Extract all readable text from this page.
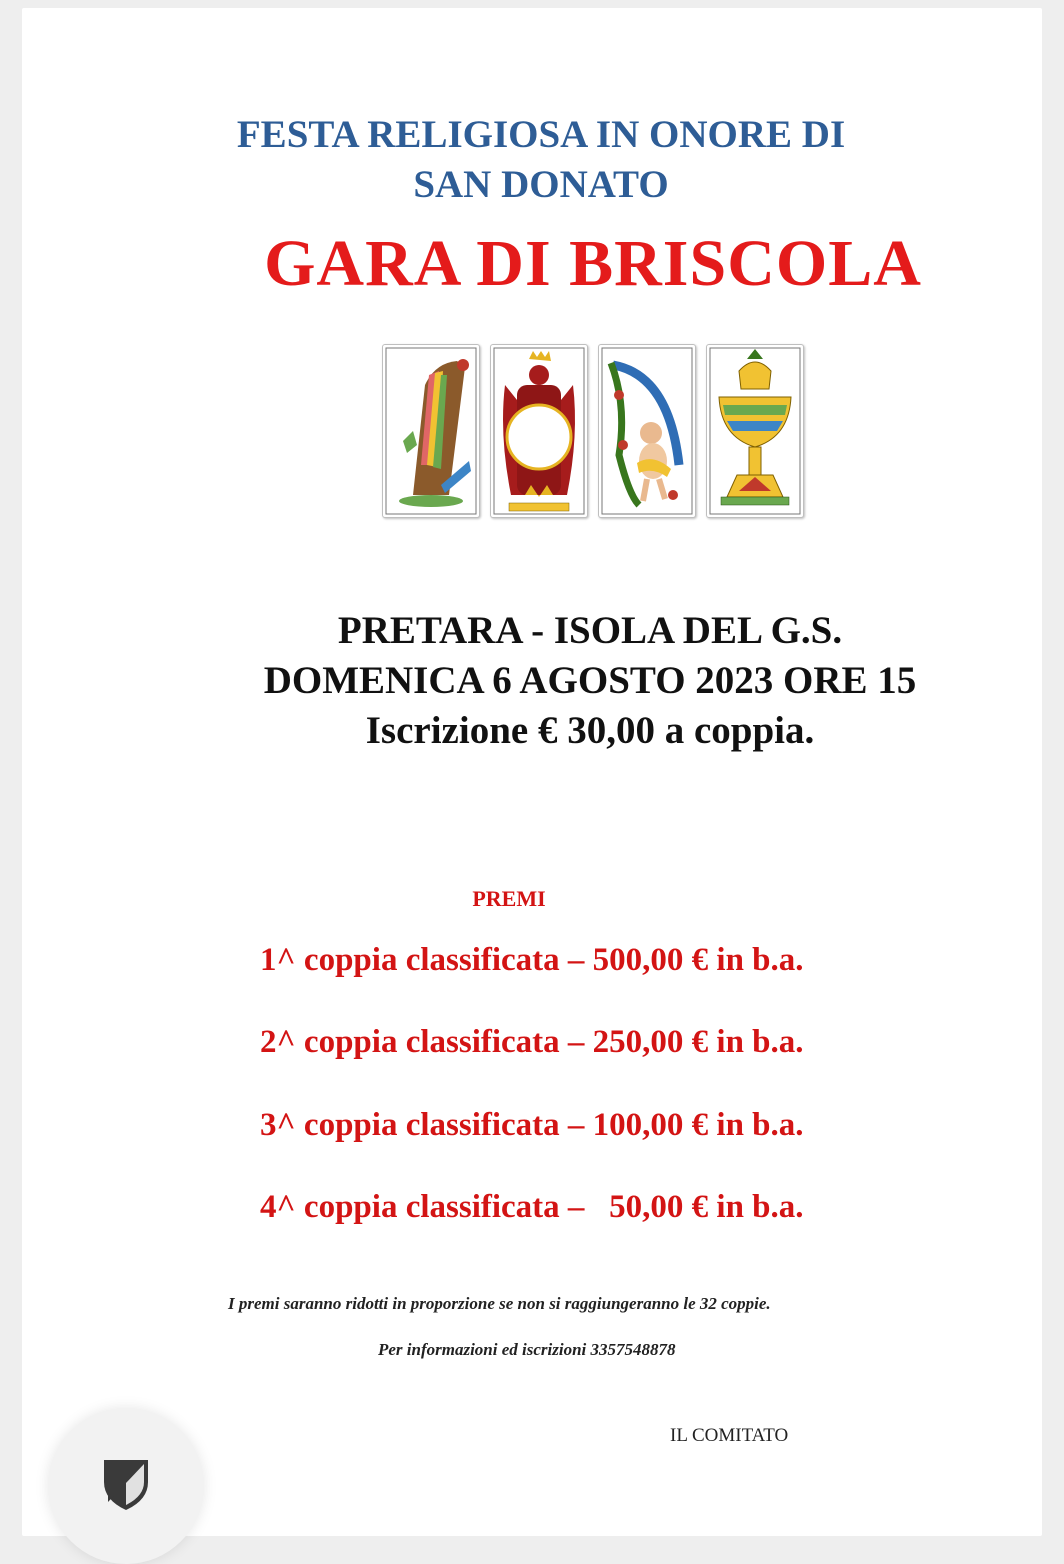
FESTA RELIGIOSA IN ONORE DI
SAN DONATO
GARA DI BRISCOLA
PRETARA - ISOLA DEL G.S.
DOMENICA 6 AGOSTO 2023 ORE 15
Iscrizione € 30,00 a coppia.
PREMI
1^ coppia classificata – 500,00 € in b.a.
2^ coppia classificata – 250,00 € in b.a.
3^ coppia classificata – 100,00 € in b.a.
4^ coppia classificata –   50,00 € in b.a.
I premi saranno ridotti in proporzione se non si raggiungeranno le 32 coppie.
Per informazioni ed iscrizioni 3357548878
IL COMITATO
